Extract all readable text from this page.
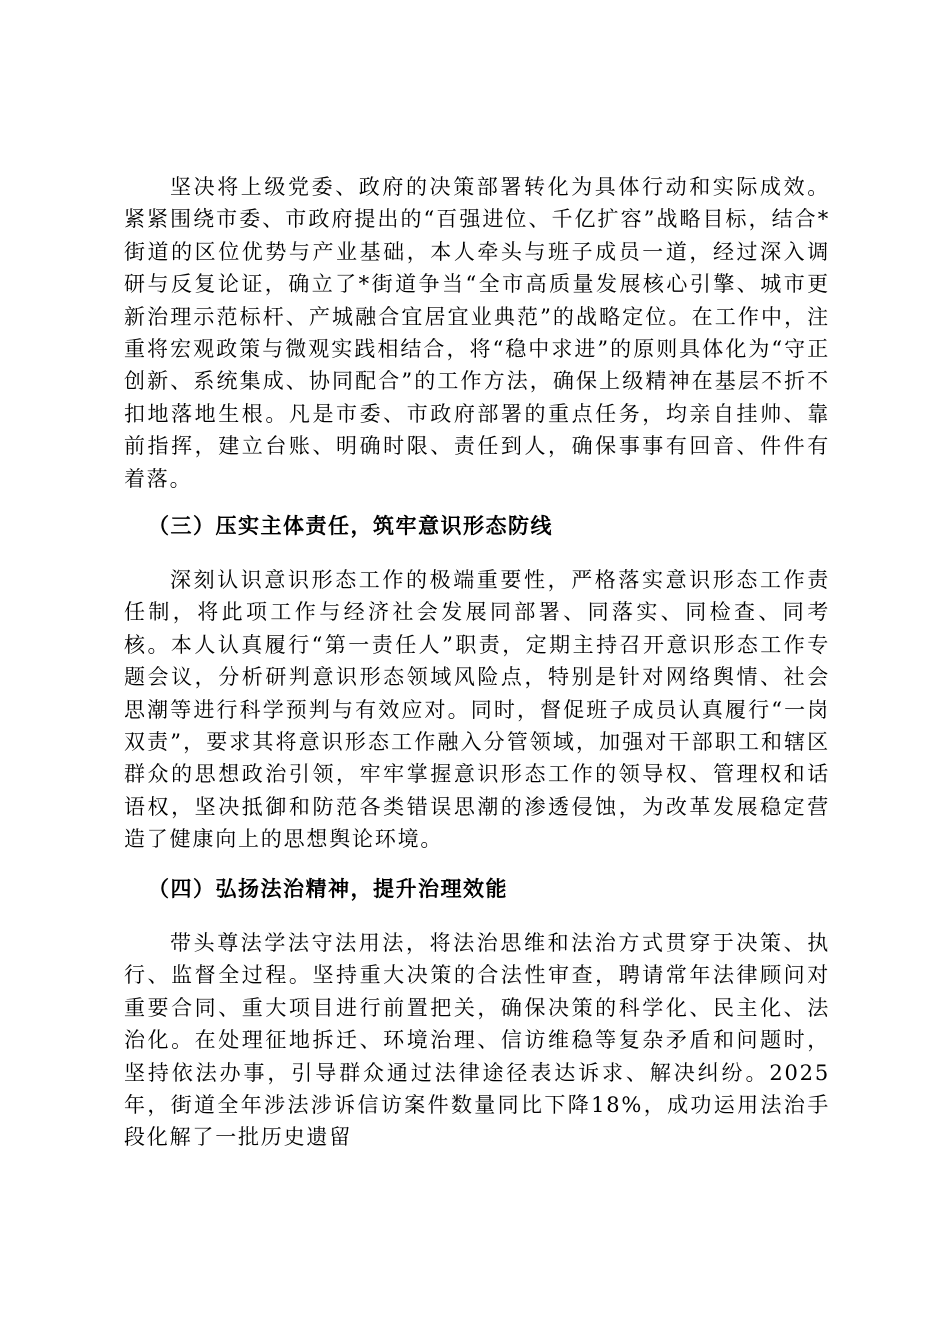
坚决将上级党委、政府的决策部署转化为具体行动和实际成效。紧紧围绕市委、市政府提出的“百强进位、千亿扩容”战略目标，结合*街道的区位优势与产业基础，本人牵头与班子成员一道，经过深入调研与反复论证，确立了*街道争当“全市高质量发展核心引擎、城市更新治理示范标杆、产城融合宜居宜业典范”的战略定位。在工作中，注重将宏观政策与微观实践相结合，将“稳中求进”的原则具体化为“守正创新、系统集成、协同配合”的工作方法，确保上级精神在基层不折不扣地落地生根。凡是市委、市政府部署的重点任务，均亲自挂帅、靠前指挥，建立台账、明确时限、责任到人，确保事事有回音、件件有着落。

（三）压实主体责任，筑牢意识形态防线

深刻认识意识形态工作的极端重要性，严格落实意识形态工作责任制，将此项工作与经济社会发展同部署、同落实、同检查、同考核。本人认真履行“第一责任人”职责，定期主持召开意识形态工作专题会议，分析研判意识形态领域风险点，特别是针对网络舆情、社会思潮等进行科学预判与有效应对。同时，督促班子成员认真履行“一岗双责”，要求其将意识形态工作融入分管领域，加强对干部职工和辖区群众的思想政治引领，牢牢掌握意识形态工作的领导权、管理权和话语权，坚决抵御和防范各类错误思潮的渗透侵蚀，为改革发展稳定营造了健康向上的思想舆论环境。

（四）弘扬法治精神，提升治理效能

带头尊法学法守法用法，将法治思维和法治方式贯穿于决策、执行、监督全过程。坚持重大决策的合法性审查，聘请常年法律顾问对重要合同、重大项目进行前置把关，确保决策的科学化、民主化、法治化。在处理征地拆迁、环境治理、信访维稳等复杂矛盾和问题时，坚持依法办事，引导群众通过法律途径表达诉求、解决纠纷。2025年，街道全年涉法涉诉信访案件数量同比下降18%，成功运用法治手段化解了一批历史遗留
